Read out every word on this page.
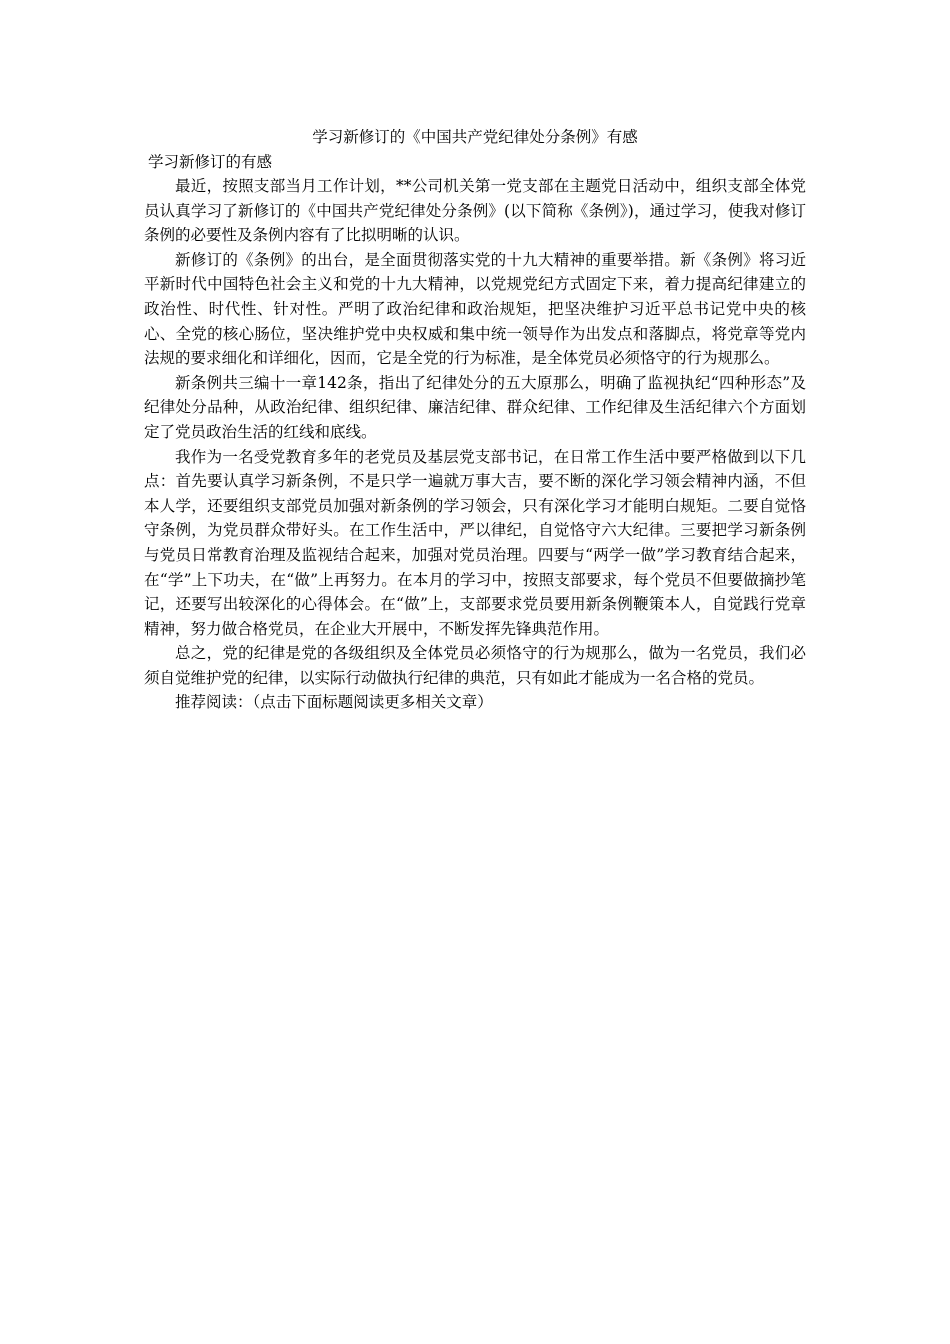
学习新修订的《中国共产党纪律处分条例》有感

学习新修订的有感

最近，按照支部当月工作计划，**公司机关第一党支部在主题党日活动中，组织支部全体党员认真学习了新修订的《中国共产党纪律处分条例》(以下简称《条例》)，通过学习，使我对修订条例的必要性及条例内容有了比拟明晰的认识。

新修订的《条例》的出台，是全面贯彻落实党的十九大精神的重要举措。新《条例》将习近平新时代中国特色社会主义和党的十九大精神，以党规党纪方式固定下来，着力提高纪律建立的政治性、时代性、针对性。严明了政治纪律和政治规矩，把坚决维护习近平总书记党中央的核心、全党的核心肠位，坚决维护党中央权威和集中统一领导作为出发点和落脚点，将党章等党内法规的要求细化和详细化，因而，它是全党的行为标准，是全体党员必须恪守的行为规那么。

新条例共三编十一章142条，指出了纪律处分的五大原那么，明确了监视执纪“四种形态”及纪律处分品种，从政治纪律、组织纪律、廉洁纪律、群众纪律、工作纪律及生活纪律六个方面划定了党员政治生活的红线和底线。

我作为一名受党教育多年的老党员及基层党支部书记，在日常工作生活中要严格做到以下几点：首先要认真学习新条例，不是只学一遍就万事大吉，要不断的深化学习领会精神内涵，不但本人学，还要组织支部党员加强对新条例的学习领会，只有深化学习才能明白规矩。二要自觉恪守条例，为党员群众带好头。在工作生活中，严以律纪，自觉恪守六大纪律。三要把学习新条例与党员日常教育治理及监视结合起来，加强对党员治理。四要与“两学一做”学习教育结合起来，在“学”上下功夫，在“做”上再努力。在本月的学习中，按照支部要求，每个党员不但要做摘抄笔记，还要写出较深化的心得体会。在“做”上，支部要求党员要用新条例鞭策本人，自觉践行党章精神，努力做合格党员，在企业大开展中，不断发挥先锋典范作用。

总之，党的纪律是党的各级组织及全体党员必须恪守的行为规那么，做为一名党员，我们必须自觉维护党的纪律，以实际行动做执行纪律的典范，只有如此才能成为一名合格的党员。

推荐阅读：（点击下面标题阅读更多相关文章）
